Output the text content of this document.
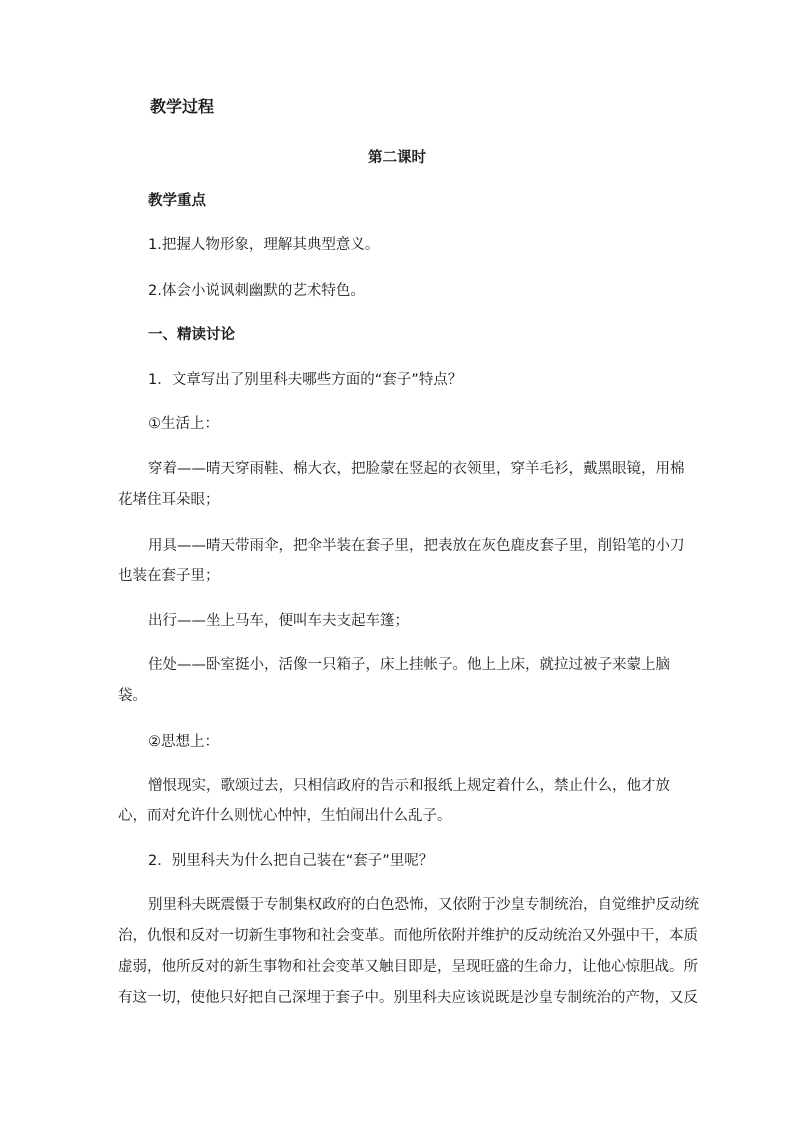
教学过程
第二课时
教学重点
1.把握人物形象，理解其典型意义。
2.体会小说讽刺幽默的艺术特色。
一、精读讨论
1．文章写出了别里科夫哪些方面的“套子”特点？
①生活上：
穿着——晴天穿雨鞋、棉大衣，把脸蒙在竖起的衣领里，穿羊毛衫，戴黑眼镜，用棉
花堵住耳朵眼；
用具——晴天带雨伞，把伞半装在套子里，把表放在灰色鹿皮套子里，削铅笔的小刀
也装在套子里；
出行——坐上马车，便叫车夫支起车篷；
住处——卧室挺小，活像一只箱子，床上挂帐子。他上上床，就拉过被子来蒙上脑
袋。
②思想上：
憎恨现实，歌颂过去，只相信政府的告示和报纸上规定着什么，禁止什么，他才放
心，而对允许什么则忧心忡忡，生怕闹出什么乱子。
2．别里科夫为什么把自己装在“套子”里呢？
别里科夫既震慑于专制集权政府的白色恐怖，又依附于沙皇专制统治，自觉维护反动统
治，仇恨和反对一切新生事物和社会变革。而他所依附并维护的反动统治又外强中干，本质
虚弱，他所反对的新生事物和社会变革又触目即是，呈现旺盛的生命力，让他心惊胆战。所
有这一切，使他只好把自己深埋于套子中。别里科夫应该说既是沙皇专制统治的产物，又反
